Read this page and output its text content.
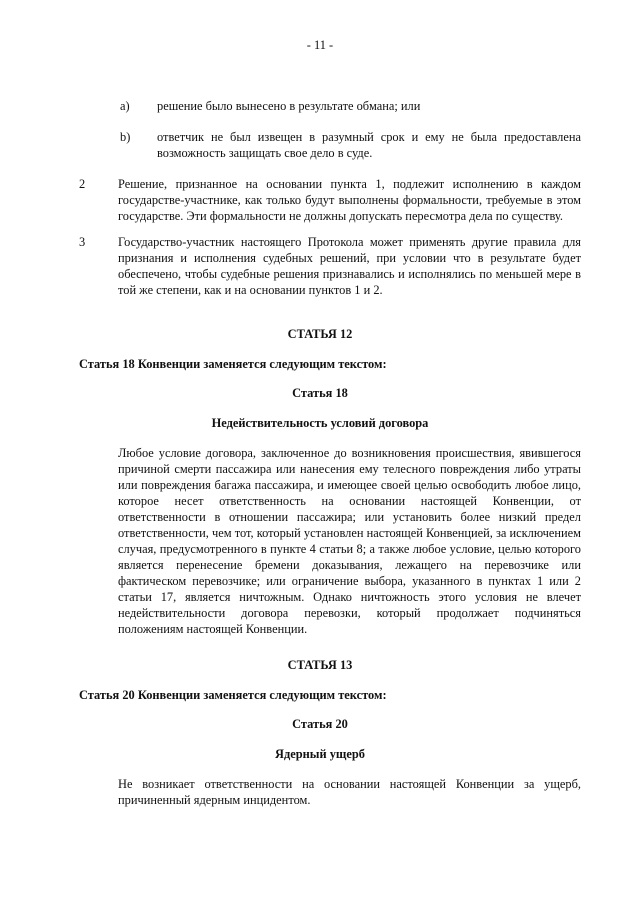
- 11 -
a) решение было вынесено в результате обмана; или
b) ответчик не был извещен в разумный срок и ему не была предоставлена возможность защищать свое дело в суде.
2	Решение, признанное на основании пункта 1, подлежит исполнению в каждом государстве-участнике, как только будут выполнены формальности, требуемые в этом государстве. Эти формальности не должны допускать пересмотра дела по существу.
3	Государство-участник настоящего Протокола может применять другие правила для признания и исполнения судебных решений, при условии что в результате будет обеспечено, чтобы судебные решения признавались и исполнялись по меньшей мере в той же степени, как и на основании пунктов 1 и 2.
СТАТЬЯ 12
Статья 18 Конвенции заменяется следующим текстом:
Статья 18
Недействительность условий договора
Любое условие договора, заключенное до возникновения происшествия, явившегося причиной смерти пассажира или нанесения ему телесного повреждения либо утраты или повреждения багажа пассажира, и имеющее своей целью освободить любое лицо, которое несет ответственность на основании настоящей Конвенции, от ответственности в отношении пассажира; или установить более низкий предел ответственности, чем тот, который установлен настоящей Конвенцией, за исключением случая, предусмотренного в пункте 4 статьи 8; а также любое условие, целью которого является перенесение бремени доказывания, лежащего на перевозчике или фактическом перевозчике; или ограничение выбора, указанного в пунктах 1 или 2 статьи 17, является ничтожным. Однако ничтожность этого условия не влечет недействительности договора перевозки, который продолжает подчиняться положениям настоящей Конвенции.
СТАТЬЯ 13
Статья 20 Конвенции заменяется следующим текстом:
Статья 20
Ядерный ущерб
Не возникает ответственности на основании настоящей Конвенции за ущерб, причиненный ядерным инцидентом.
